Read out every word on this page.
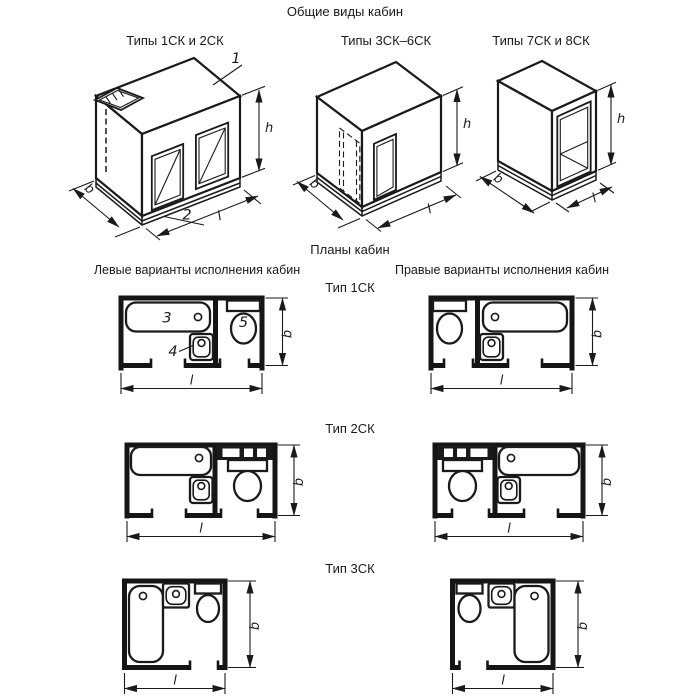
Общие виды кабин
Типы 1СК и 2СК	Типы 3СК–6СК	Типы 7СК и 8СК
Планы кабин
Левые варианты исполнения кабин	Правые варианты исполнения кабин
Тип 1СК
Тип 2СК
Тип 3СК
1
2
h
b
l
h
b
l
h
b
l
3
4
5
b
l
b
l
b
l
b
l
b
l
b
l
